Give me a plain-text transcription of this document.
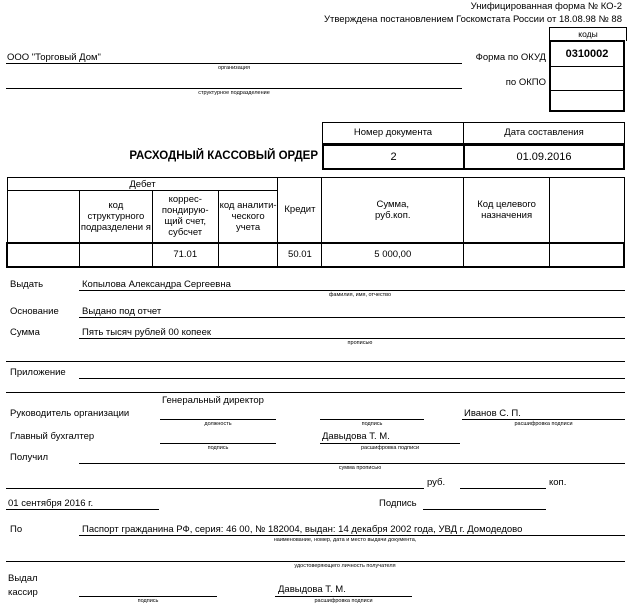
Унифицированная форма № КО-2
Утверждена постановлением Госкомстата России от 18.08.98 № 88
коды
0310002
Форма по ОКУД
по ОКПО
ООО "Торговый Дом"
организация
структурное подразделение
Номер документа	Дата составления
2	01.09.2016
РАСХОДНЫЙ КАССОВЫЙ ОРДЕР
Дебет				Кредит	Сумма, руб.коп.	Код целевого назначения	
	код структурного подразделени я	коррес-пондирую-щий счет, субсчет	код аналити-ческого учета				
		71.01		50.01	5 000,00		
Выдать	Копылова Александра Сергеевна
фамилия, имя, отчество
Основание Выдано под отчет
Сумма	Пять тысяч рублей 00 копеек
прописью
Приложение
Руководитель организации
Генеральный директор
должность	подпись
Иванов С. П.
расшифровка подписи
Главный бухгалтер
подпись
Давыдова Т. М.
расшифровка подписи
Получил
сумма прописью
руб.	коп.
01 сентября 2016 г.	Подпись
По	Паспорт гражданина РФ, серия: 46 00, № 182004, выдан: 14 декабря 2002 года, УВД г. Домодедово
наименование, номер, дата и место выдачи документа,
удостоверяющего личность получателя
Выдал
кассир
подпись
Давыдова Т. М.
расшифровка подписи
